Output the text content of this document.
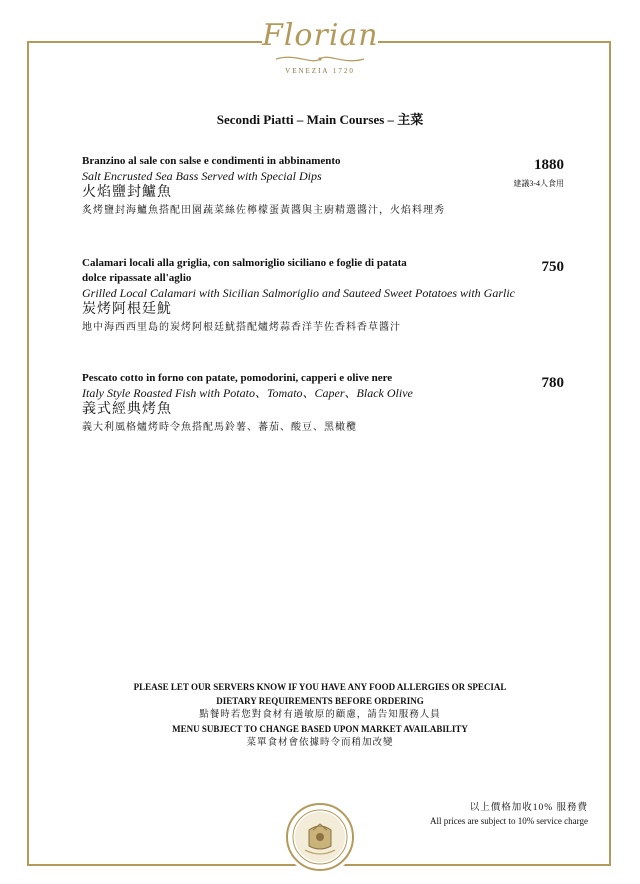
Florian
VENEZIA 1720
Secondi Piatti – Main Courses – 主菜
Branzino al sale con salse e condimenti in abbinamento
Salt Encrusted Sea Bass Served with Special Dips
火焰鹽封鱸魚
炙烤鹽封海鱸魚搭配田園蔬菜絲佐檸檬蛋黃醬與主廚精選醬汁，火焰料理秀
1880
建議3-4人食用
Calamari locali alla griglia, con salmoriglio siciliano e foglie di patata
dolce ripassate all'aglio
Grilled Local Calamari with Sicilian Salmoriglio and Sauteed Sweet Potatoes with Garlic
炭烤阿根廷魷
地中海西西里島的炭烤阿根廷魷搭配爐烤蒜香洋芋佐香料香草醬汁
750
Pescato cotto in forno con patate, pomodorini, capperi e olive nere
Italy Style Roasted Fish with Potato、Tomato、Caper、Black Olive
義式經典烤魚
義大利風格爐烤時令魚搭配馬鈴薯、蕃茄、酸豆、黑橄欖
780
PLEASE LET OUR SERVERS KNOW IF YOU HAVE ANY FOOD ALLERGIES OR SPECIAL
DIETARY REQUIREMENTS BEFORE ORDERING
點餐時若您對食材有過敏原的顧慮，請告知服務人員
MENU SUBJECT TO CHANGE BASED UPON MARKET AVAILABILITY
菜單食材會依據時令而稍加改變
以上價格加收10% 服務費
All prices are subject to 10% service charge
